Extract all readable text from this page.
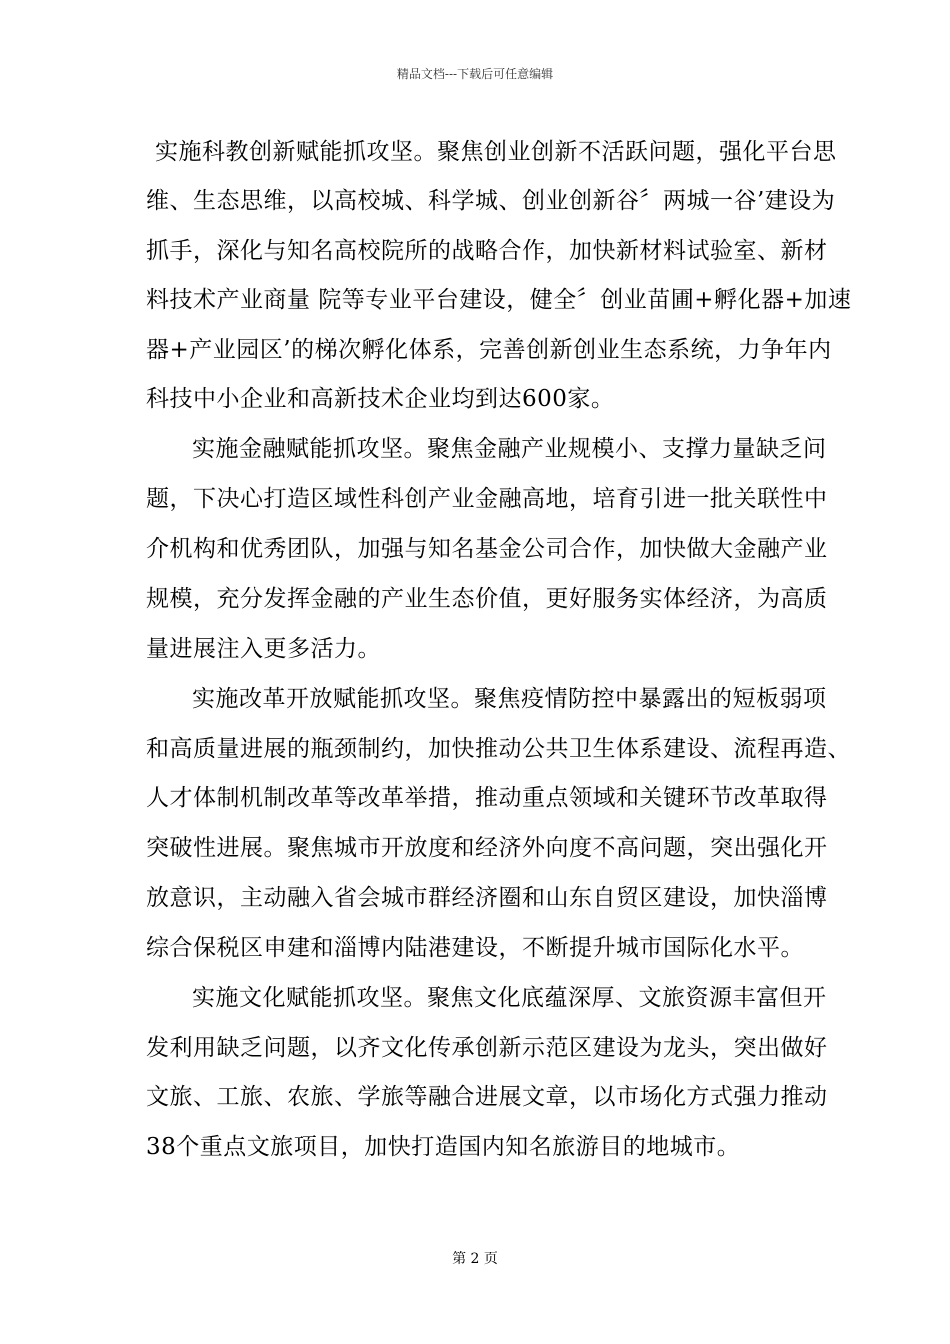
精品文档---下载后可任意编辑
实施科教创新赋能抓攻坚。聚焦创业创新不活跃问题，强化平台思
维、生态思维，以高校城、科学城、创业创新谷〞两城一谷’建设为
抓手，深化与知名高校院所的战略合作，加快新材料试验室、新材
料技术产业商量 院等专业平台建设，健全〞创业苗圃+孵化器+加速
器+产业园区’的梯次孵化体系，完善创新创业生态系统，力争年内
科技中小企业和高新技术企业均到达600家。
实施金融赋能抓攻坚。聚焦金融产业规模小、支撑力量缺乏问
题，下决心打造区域性科创产业金融高地，培育引进一批关联性中
介机构和优秀团队，加强与知名基金公司合作，加快做大金融产业
规模，充分发挥金融的产业生态价值，更好服务实体经济，为高质
量进展注入更多活力。
实施改革开放赋能抓攻坚。聚焦疫情防控中暴露出的短板弱项
和高质量进展的瓶颈制约，加快推动公共卫生体系建设、流程再造、
人才体制机制改革等改革举措，推动重点领域和关键环节改革取得
突破性进展。聚焦城市开放度和经济外向度不高问题，突出强化开
放意识，主动融入省会城市群经济圈和山东自贸区建设，加快淄博
综合保税区申建和淄博内陆港建设，不断提升城市国际化水平。
实施文化赋能抓攻坚。聚焦文化底蕴深厚、文旅资源丰富但开
发利用缺乏问题，以齐文化传承创新示范区建设为龙头，突出做好
文旅、工旅、农旅、学旅等融合进展文章，以市场化方式强力推动
38个重点文旅项目，加快打造国内知名旅游目的地城市。
第 2 页
